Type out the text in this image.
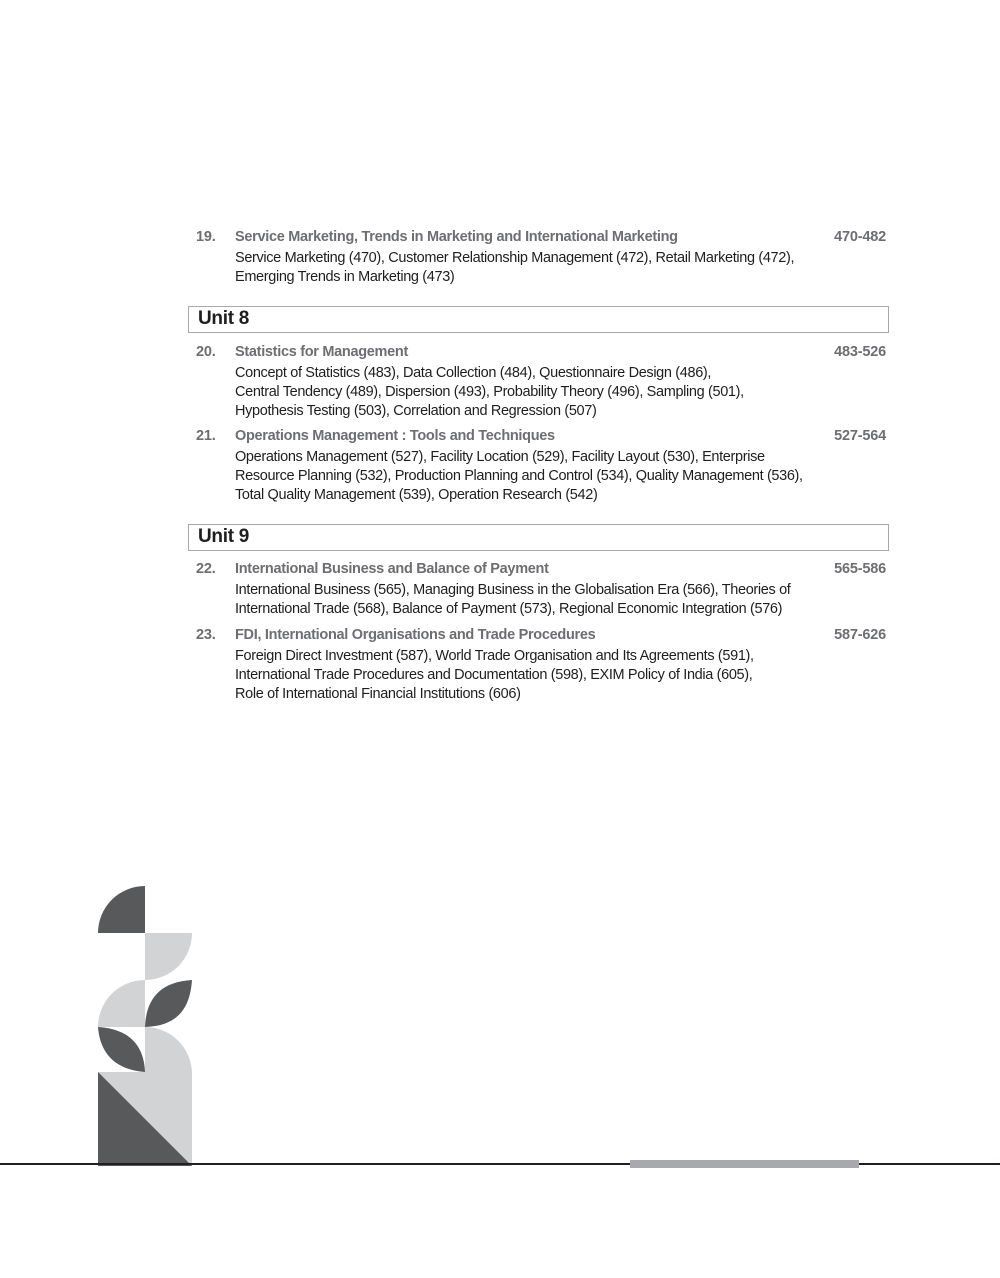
19. Service Marketing, Trends in Marketing and International Marketing	470-482
Service Marketing (470), Customer Relationship Management (472), Retail Marketing (472),
Emerging Trends in Marketing (473)
Unit 8
20. Statistics for Management	483-526
Concept of Statistics (483), Data Collection (484), Questionnaire Design (486),
Central Tendency (489), Dispersion (493), Probability Theory (496), Sampling (501),
Hypothesis Testing (503), Correlation and Regression (507)
21. Operations Management : Tools and Techniques	527-564
Operations Management (527), Facility Location (529), Facility Layout (530), Enterprise
Resource Planning (532), Production Planning and Control (534), Quality Management (536),
Total Quality Management (539), Operation Research (542)
Unit 9
22. International Business and Balance of Payment	565-586
International Business (565), Managing Business in the Globalisation Era (566), Theories of
International Trade (568), Balance of Payment (573), Regional Economic Integration (576)
23. FDI, International Organisations and Trade Procedures	587-626
Foreign Direct Investment (587), World Trade Organisation and Its Agreements (591),
International Trade Procedures and Documentation (598), EXIM Policy of India (605),
Role of International Financial Institutions (606)
